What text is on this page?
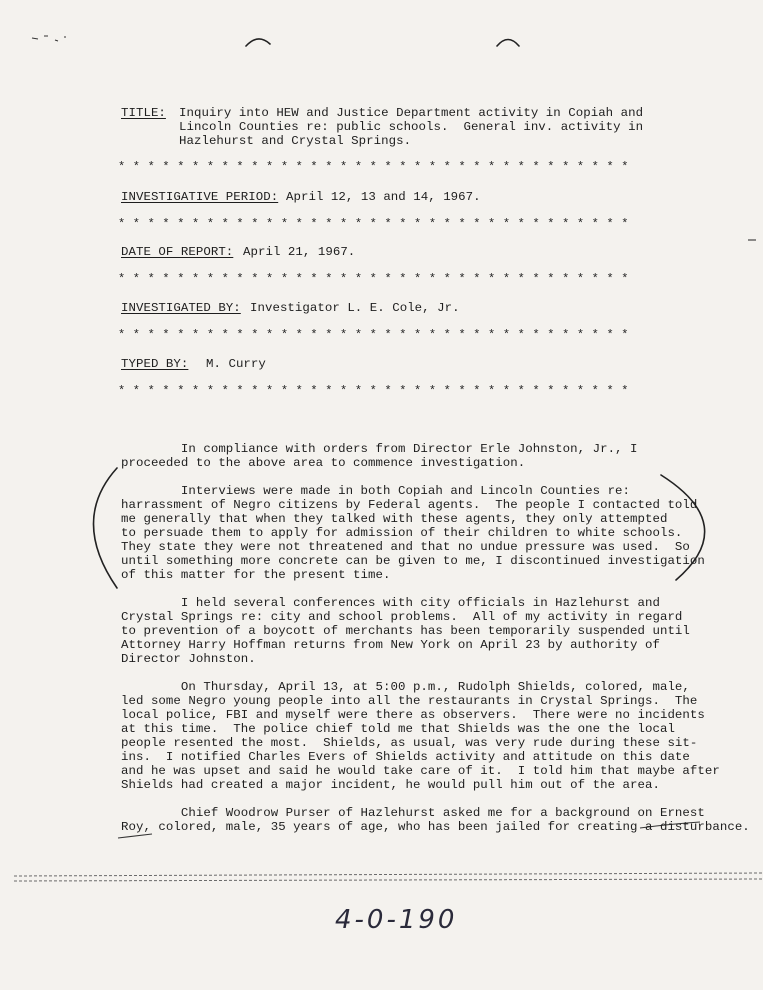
TITLE: Inquiry into HEW and Justice Department activity in Copiah and
Lincoln Counties re: public schools.  General inv. activity in
Hazlehurst and Crystal Springs.
* * * * * * * * * * * * * * * * * * * * * * * * * * * * * * * * * * *
INVESTIGATIVE PERIOD: April 12, 13 and 14, 1967.
* * * * * * * * * * * * * * * * * * * * * * * * * * * * * * * * * * *
DATE OF REPORT: April 21, 1967.
* * * * * * * * * * * * * * * * * * * * * * * * * * * * * * * * * * *
INVESTIGATED BY: Investigator L. E. Cole, Jr.
* * * * * * * * * * * * * * * * * * * * * * * * * * * * * * * * * * *
TYPED BY: M. Curry
* * * * * * * * * * * * * * * * * * * * * * * * * * * * * * * * * * *
In compliance with orders from Director Erle Johnston, Jr., I
proceeded to the above area to commence investigation.
Interviews were made in both Copiah and Lincoln Counties re:
harrassment of Negro citizens by Federal agents.  The people I contacted told
me generally that when they talked with these agents, they only attempted
to persuade them to apply for admission of their children to white schools.
They state they were not threatened and that no undue pressure was used.  So
until something more concrete can be given to me, I discontinued investigation
of this matter for the present time.
I held several conferences with city officials in Hazlehurst and
Crystal Springs re: city and school problems.  All of my activity in regard
to prevention of a boycott of merchants has been temporarily suspended until
Attorney Harry Hoffman returns from New York on April 23 by authority of
Director Johnston.
On Thursday, April 13, at 5:00 p.m., Rudolph Shields, colored, male,
led some Negro young people into all the restaurants in Crystal Springs.  The
local police, FBI and myself were there as observers.  There were no incidents
at this time.  The police chief told me that Shields was the one the local
people resented the most.  Shields, as usual, was very rude during these sit-
ins.  I notified Charles Evers of Shields activity and attitude on this date
and he was upset and said he would take care of it.  I told him that maybe after
Shields had created a major incident, he would pull him out of the area.
Chief Woodrow Purser of Hazlehurst asked me for a background on Ernest
Roy, colored, male, 35 years of age, who has been jailed for creating a disturbance.
4-0-190
